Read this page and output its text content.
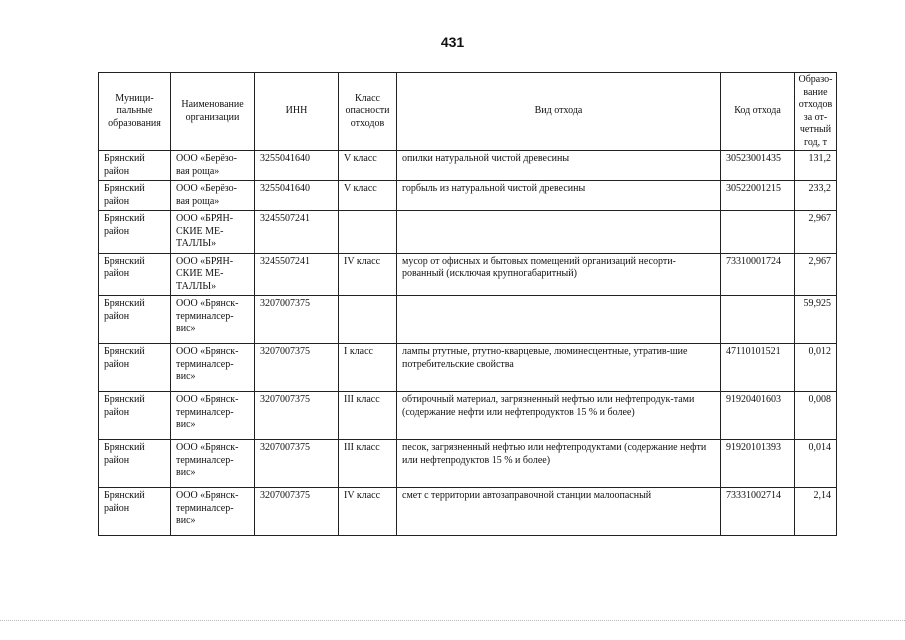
431
Муници-пальные образования	Наименование организации	ИНН	Класс опасности отходов	Вид отхода	Код отхода	Образо-вание отходов за от-четный год, т
Брянский район	ООО «Берёзо-вая роща»	3255041640	V класс	опилки натуральной чистой древесины	30523001435	131,2
Брянский район	ООО «Берёзо-вая роща»	3255041640	V класс	горбыль из натуральной чистой древесины	30522001215	233,2
Брянский район	ООО «БРЯН-СКИЕ МЕ-ТАЛЛЫ»	3245507241				2,967
Брянский район	ООО «БРЯН-СКИЕ МЕ-ТАЛЛЫ»	3245507241	IV класс	мусор от офисных и бытовых помещений организаций несорти-рованный (исключая крупногабаритный)	73310001724	2,967
Брянский район	ООО «Брянск-терминалсер-вис»	3207007375				59,925
Брянский район	ООО «Брянск-терминалсер-вис»	3207007375	I класс	лампы ртутные, ртутно-кварцевые, люминесцентные, утратив-шие потребительские свойства	47110101521	0,012
Брянский район	ООО «Брянск-терминалсер-вис»	3207007375	III класс	обтирочный материал, загрязненный нефтью или нефтепродук-тами (содержание нефти или нефтепродуктов 15 % и более)	91920401603	0,008
Брянский район	ООО «Брянск-терминалсер-вис»	3207007375	III класс	песок, загрязненный нефтью или нефтепродуктами (содержание нефти или нефтепродуктов 15 % и более)	91920101393	0,014
Брянский район	ООО «Брянск-терминалсер-вис»	3207007375	IV класс	смет с территории автозаправочной станции малоопасный	73331002714	2,14
